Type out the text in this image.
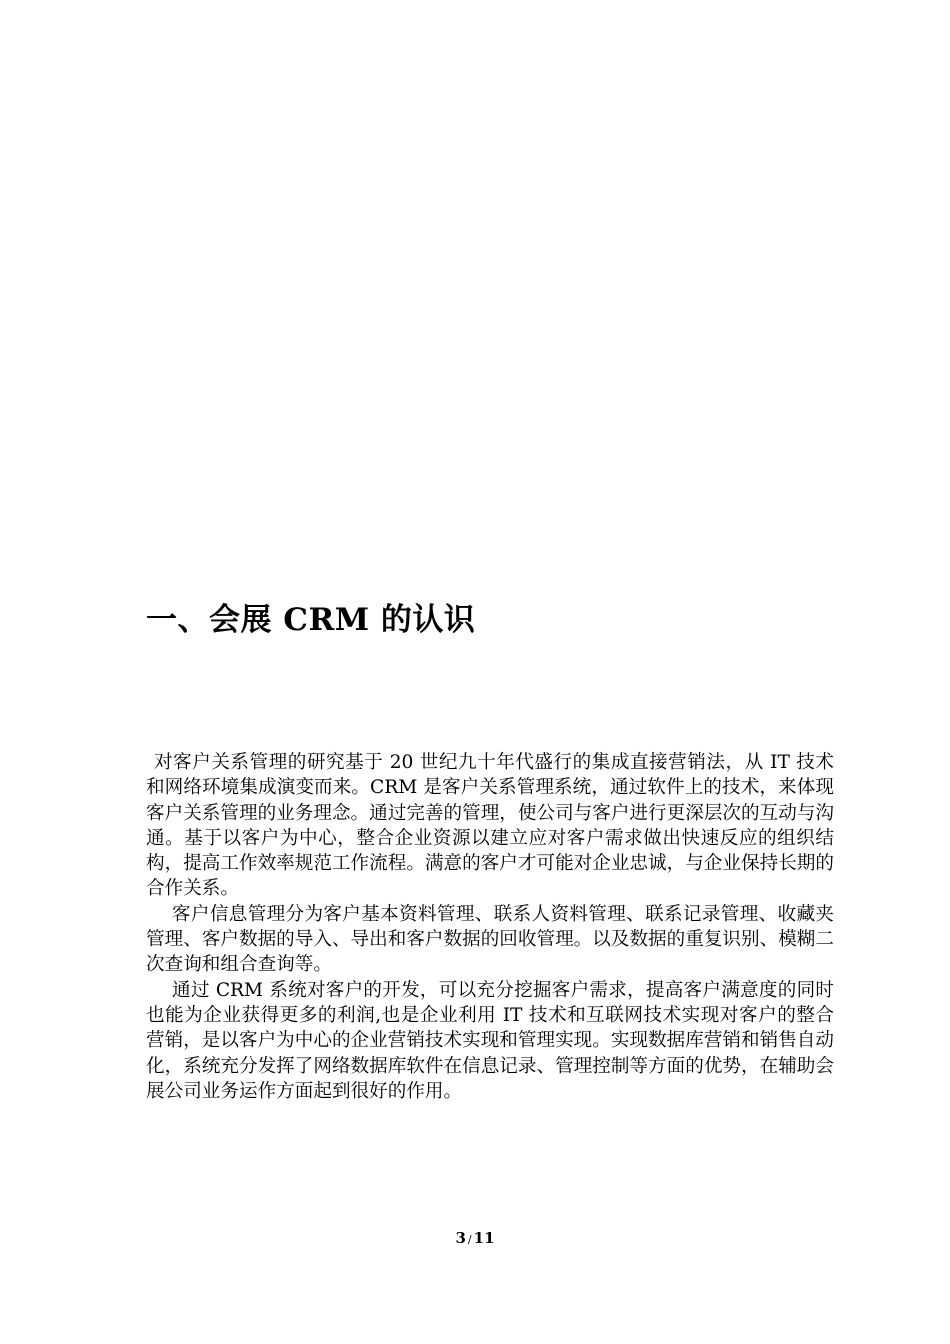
一、会展 CRM 的认识

对客户关系管理的研究基于 20 世纪九十年代盛行的集成直接营销法，从 IT 技术和网络环境集成演变而来。CRM 是客户关系管理系统，通过软件上的技术，来体现客户关系管理的业务理念。通过完善的管理，使公司与客户进行更深层次的互动与沟通。基于以客户为中心，整合企业资源以建立应对客户需求做出快速反应的组织结构，提高工作效率规范工作流程。满意的客户才可能对企业忠诚，与企业保持长期的合作关系。

客户信息管理分为客户基本资料管理、联系人资料管理、联系记录管理、收藏夹管理、客户数据的导入、导出和客户数据的回收管理。以及数据的重复识别、模糊二次查询和组合查询等。

通过 CRM 系统对客户的开发，可以充分挖掘客户需求，提高客户满意度的同时也能为企业获得更多的利润,也是企业利用 IT 技术和互联网技术实现对客户的整合营销，是以客户为中心的企业营销技术实现和管理实现。实现数据库营销和销售自动化，系统充分发挥了网络数据库软件在信息记录、管理控制等方面的优势，在辅助会展公司业务运作方面起到很好的作用。

3 / 11
